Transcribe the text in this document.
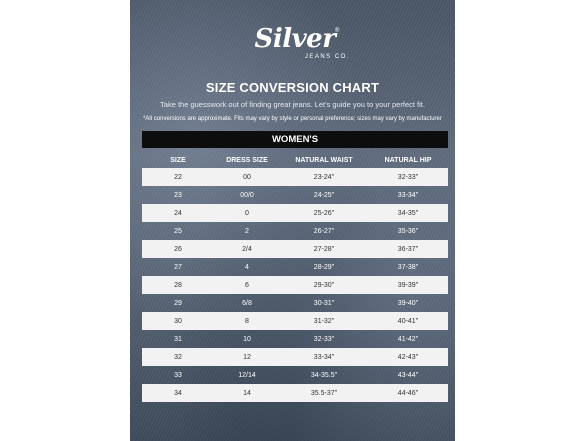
Silver ®
JEANS CO.
SIZE CONVERSION CHART
Take the guesswork out of finding great jeans. Let's guide you to your perfect fit.
*All conversions are approximate. Fits may vary by style or personal preference; sizes may vary by manufacturer
WOMEN'S
SIZE	DRESS SIZE	NATURAL WAIST	NATURAL HIP
22	00	23-24"	32-33"
23	00/0	24-25"	33-34"
24	0	25-26"	34-35"
25	2	26-27"	35-36"
26	2/4	27-28"	36-37"
27	4	28-29"	37-38"
28	6	29-30"	39-39"
29	6/8	30-31"	39-40"
30	8	31-32"	40-41"
31	10	32-33"	41-42"
32	12	33-34"	42-43"
33	12/14	34-35.5"	43-44"
34	14	35.5-37"	44-46"
